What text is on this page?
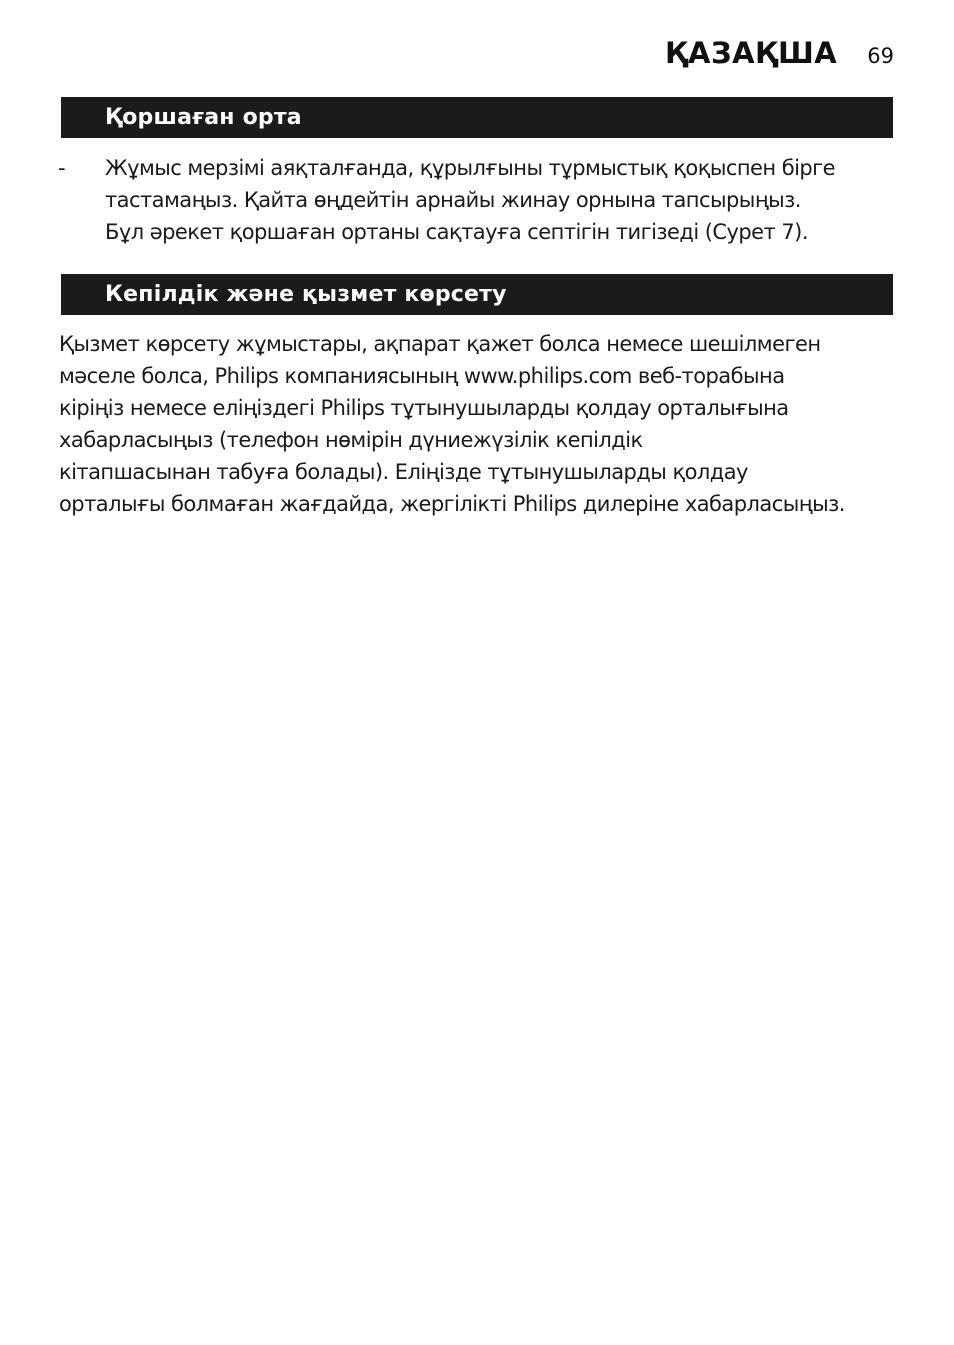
ҚАЗАҚША 69
Қоршаған орта
- Жұмыс мерзімі аяқталғанда, құрылғыны тұрмыстық қоқыспен бірге
тастамаңыз. Қайта өңдейтін арнайы жинау орнына тапсырыңыз.
Бұл әрекет қоршаған ортаны сақтауға септігін тигізеді (Сурет 7).
Кепілдік және қызмет көрсету
Қызмет көрсету жұмыстары, ақпарат қажет болса немесе шешілмеген
мәселе болса, Philips компаниясының www.philips.com веб-торабына
кіріңіз немесе еліңіздегі Philips тұтынушыларды қолдау орталығына
хабарласыңыз (телефон нөмірін дүниежүзілік кепілдік
кітапшасынан табуға болады). Еліңізде тұтынушыларды қолдау
орталығы болмаған жағдайда, жергілікті Philips дилеріне хабарласыңыз.
